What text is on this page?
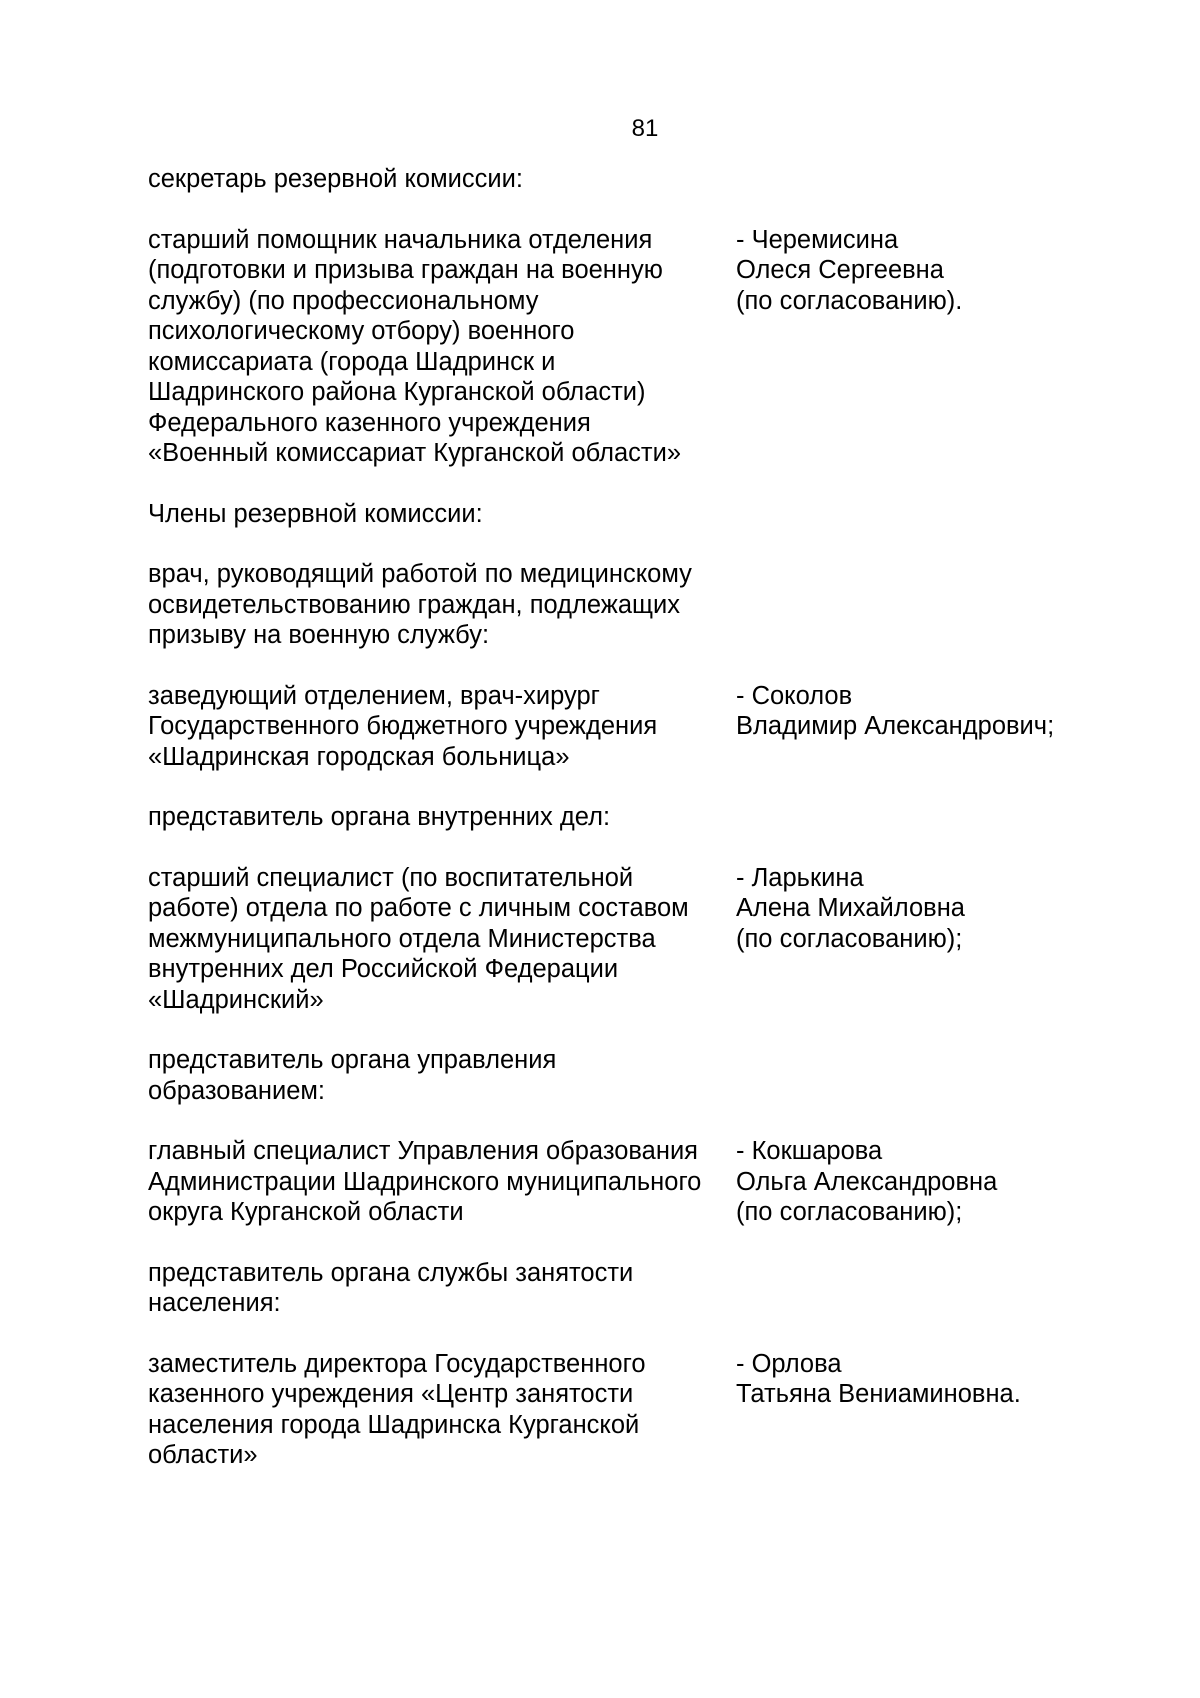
81
секретарь резервной комиссии:
старший помощник начальника отделения
(подготовки и призыва граждан на военную
службу) (по профессиональному
психологическому отбору) военного
комиссариата (города Шадринск и
Шадринского района Курганской области)
Федерального казенного учреждения
«Военный комиссариат Курганской области»
- Черемисина
Олеся Сергеевна
(по согласованию).
Члены резервной комиссии:
врач, руководящий работой по медицинскому
освидетельствованию граждан, подлежащих
призыву на военную службу:
заведующий отделением, врач-хирург
Государственного бюджетного учреждения
«Шадринская городская больница»
- Соколов
Владимир Александрович;
представитель органа внутренних дел:
старший специалист (по воспитательной
работе) отдела по работе с личным составом
межмуниципального отдела Министерства
внутренних дел Российской Федерации
«Шадринский»
- Ларькина
Алена Михайловна
(по согласованию);
представитель органа управления
образованием:
главный специалист Управления образования
Администрации Шадринского муниципального
округа Курганской области
- Кокшарова
Ольга Александровна
(по согласованию);
представитель органа службы занятости
населения:
заместитель директора Государственного
казенного учреждения «Центр занятости
населения города Шадринска Курганской
области»
- Орлова
Татьяна Вениаминовна.
